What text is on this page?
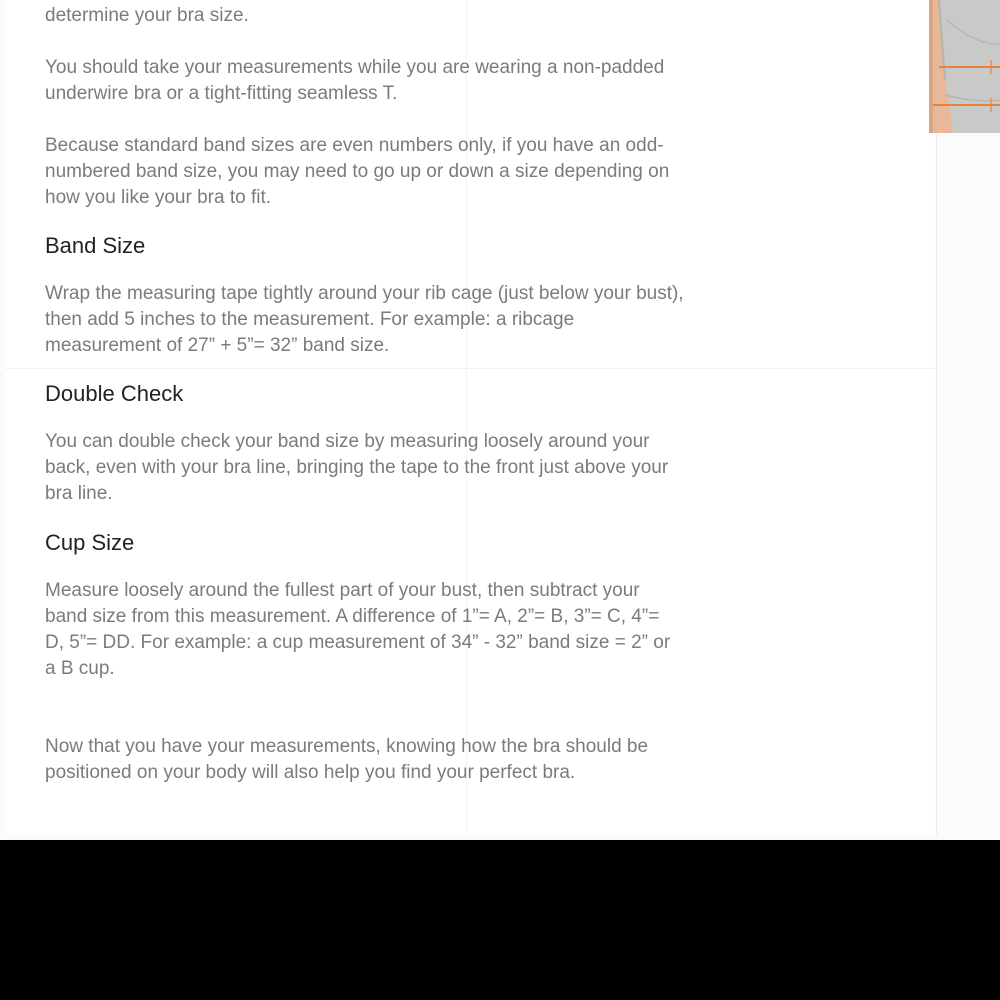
determine your bra size.

You should take your measurements while you are wearing a non-padded
underwire bra or a tight-fitting seamless T.

Because standard band sizes are even numbers only, if you have an odd-
numbered band size, you may need to go up or down a size depending on
how you like your bra to fit.

Band Size

Wrap the measuring tape tightly around your rib cage (just below your bust),
then add 5 inches to the measurement. For example: a ribcage
measurement of 27” + 5”= 32” band size.

Double Check

You can double check your band size by measuring loosely around your
back, even with your bra line, bringing the tape to the front just above your
bra line.

Cup Size

Measure loosely around the fullest part of your bust, then subtract your
band size from this measurement. A difference of 1”= A, 2”= B, 3”= C, 4”=
D, 5”= DD. For example: a cup measurement of 34” - 32” band size = 2” or
a B cup.

Now that you have your measurements, knowing how the bra should be
positioned on your body will also help you find your perfect bra.
